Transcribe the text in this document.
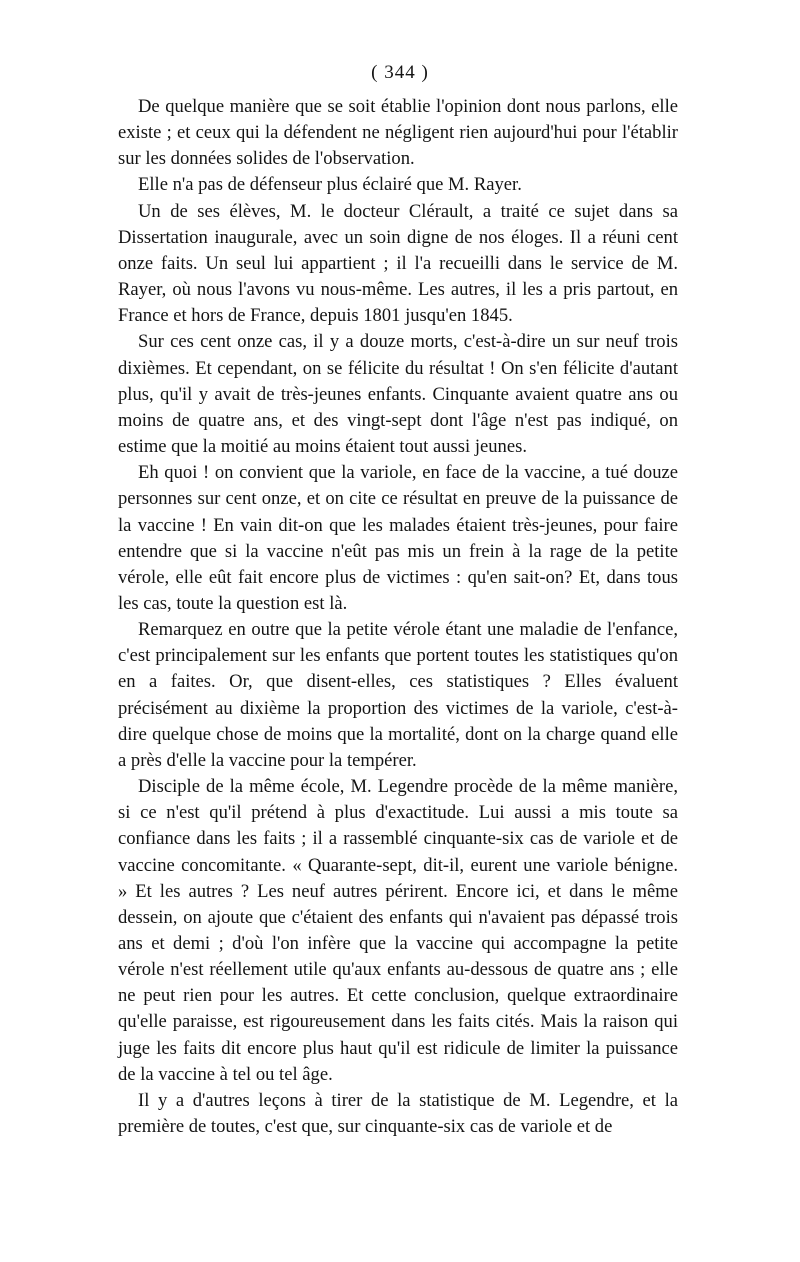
( 344 )

De quelque manière que se soit établie l'opinion dont nous parlons, elle existe ; et ceux qui la défendent ne négligent rien aujourd'hui pour l'établir sur les données solides de l'observation.

Elle n'a pas de défenseur plus éclairé que M. Rayer.

Un de ses élèves, M. le docteur Clérault, a traité ce sujet dans sa Dissertation inaugurale, avec un soin digne de nos éloges. Il a réuni cent onze faits. Un seul lui appartient ; il l'a recueilli dans le service de M. Rayer, où nous l'avons vu nous-même. Les autres, il les a pris partout, en France et hors de France, depuis 1801 jusqu'en 1845.

Sur ces cent onze cas, il y a douze morts, c'est-à-dire un sur neuf trois dixièmes. Et cependant, on se félicite du résultat ! On s'en félicite d'autant plus, qu'il y avait de très-jeunes enfants. Cinquante avaient quatre ans ou moins de quatre ans, et des vingt-sept dont l'âge n'est pas indiqué, on estime que la moitié au moins étaient tout aussi jeunes.

Eh quoi ! on convient que la variole, en face de la vaccine, a tué douze personnes sur cent onze, et on cite ce résultat en preuve de la puissance de la vaccine ! En vain dit-on que les malades étaient très-jeunes, pour faire entendre que si la vaccine n'eût pas mis un frein à la rage de la petite vérole, elle eût fait encore plus de victimes : qu'en sait-on? Et, dans tous les cas, toute la question est là.

Remarquez en outre que la petite vérole étant une maladie de l'enfance, c'est principalement sur les enfants que portent toutes les statistiques qu'on en a faites. Or, que disent-elles, ces statistiques ? Elles évaluent précisément au dixième la proportion des victimes de la variole, c'est-à-dire quelque chose de moins que la mortalité, dont on la charge quand elle a près d'elle la vaccine pour la tempérer.

Disciple de la même école, M. Legendre procède de la même manière, si ce n'est qu'il prétend à plus d'exactitude. Lui aussi a mis toute sa confiance dans les faits ; il a rassemblé cinquante-six cas de variole et de vaccine concomitante. « Quarante-sept, dit-il, eurent une variole bénigne. » Et les autres ? Les neuf autres périrent. Encore ici, et dans le même dessein, on ajoute que c'étaient des enfants qui n'avaient pas dépassé trois ans et demi ; d'où l'on infère que la vaccine qui accompagne la petite vérole n'est réellement utile qu'aux enfants au-dessous de quatre ans ; elle ne peut rien pour les autres. Et cette conclusion, quelque extraordinaire qu'elle paraisse, est rigoureusement dans les faits cités. Mais la raison qui juge les faits dit encore plus haut qu'il est ridicule de limiter la puissance de la vaccine à tel ou tel âge.

Il y a d'autres leçons à tirer de la statistique de M. Legendre, et la première de toutes, c'est que, sur cinquante-six cas de variole et de
